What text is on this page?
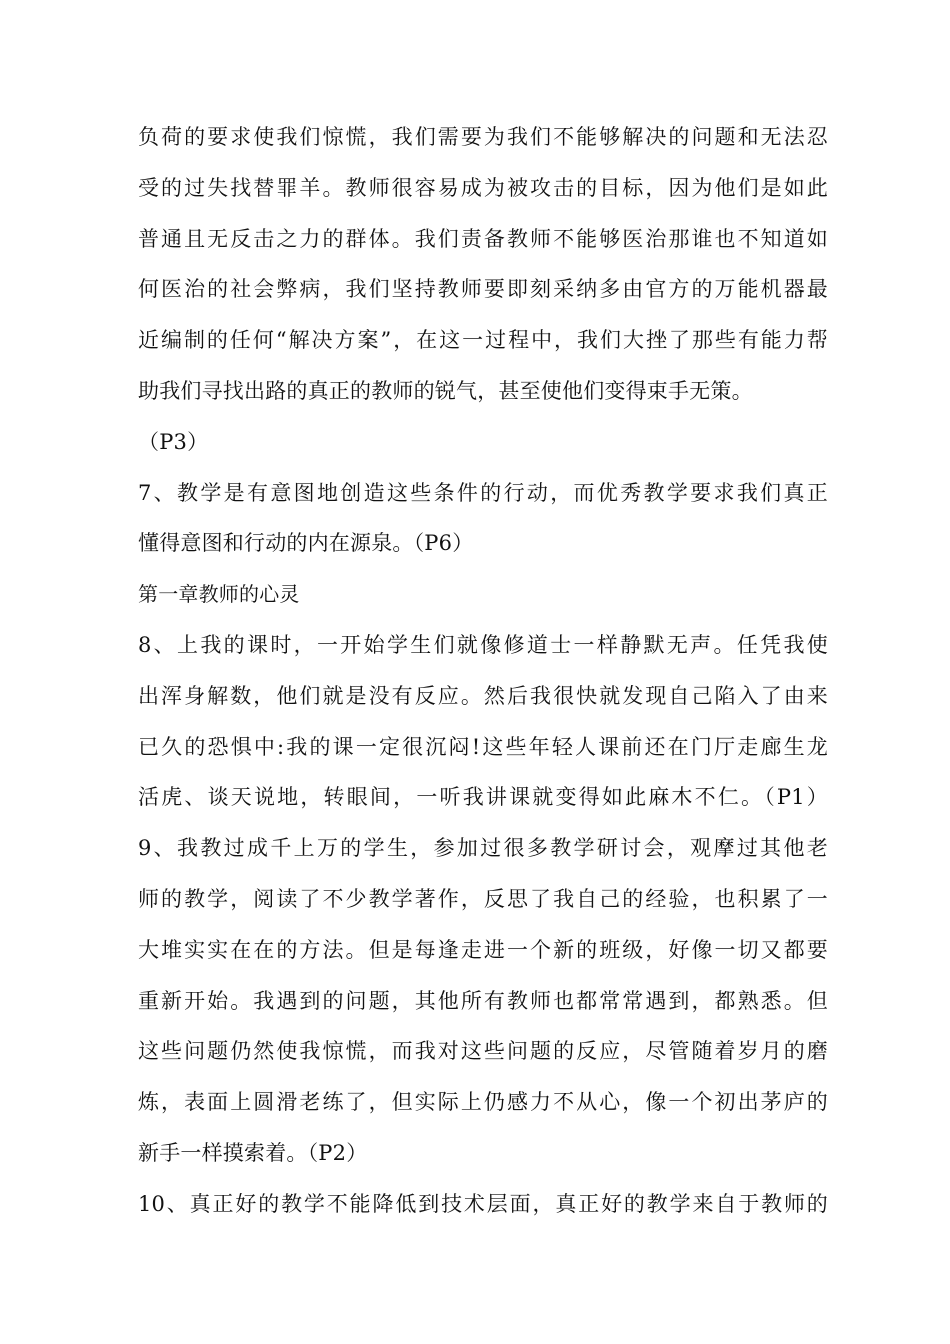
负荷的要求使我们惊慌，我们需要为我们不能够解决的问题和无法忍
受的过失找替罪羊。教师很容易成为被攻击的目标，因为他们是如此
普通且无反击之力的群体。我们责备教师不能够医治那谁也不知道如
何医治的社会弊病，我们坚持教师要即刻采纳多由官方的万能机器最
近编制的任何“解决方案”，在这一过程中，我们大挫了那些有能力帮
助我们寻找出路的真正的教师的锐气，甚至使他们变得束手无策。
（P3）
7、教学是有意图地创造这些条件的行动，而优秀教学要求我们真正
懂得意图和行动的内在源泉。（P6）
第一章教师的心灵
8、上我的课时，一开始学生们就像修道士一样静默无声。任凭我使
出浑身解数，他们就是没有反应。然后我很快就发现自己陷入了由来
已久的恐惧中:我的课一定很沉闷!这些年轻人课前还在门厅走廊生龙
活虎、谈天说地，转眼间，一听我讲课就变得如此麻木不仁。（P1）
9、我教过成千上万的学生，参加过很多教学研讨会，观摩过其他老
师的教学，阅读了不少教学著作，反思了我自己的经验，也积累了一
大堆实实在在的方法。但是每逢走进一个新的班级，好像一切又都要
重新开始。我遇到的问题，其他所有教师也都常常遇到，都熟悉。但
这些问题仍然使我惊慌，而我对这些问题的反应，尽管随着岁月的磨
炼，表面上圆滑老练了，但实际上仍感力不从心，像一个初出茅庐的
新手一样摸索着。（P2）
10、真正好的教学不能降低到技术层面，真正好的教学来自于教师的
